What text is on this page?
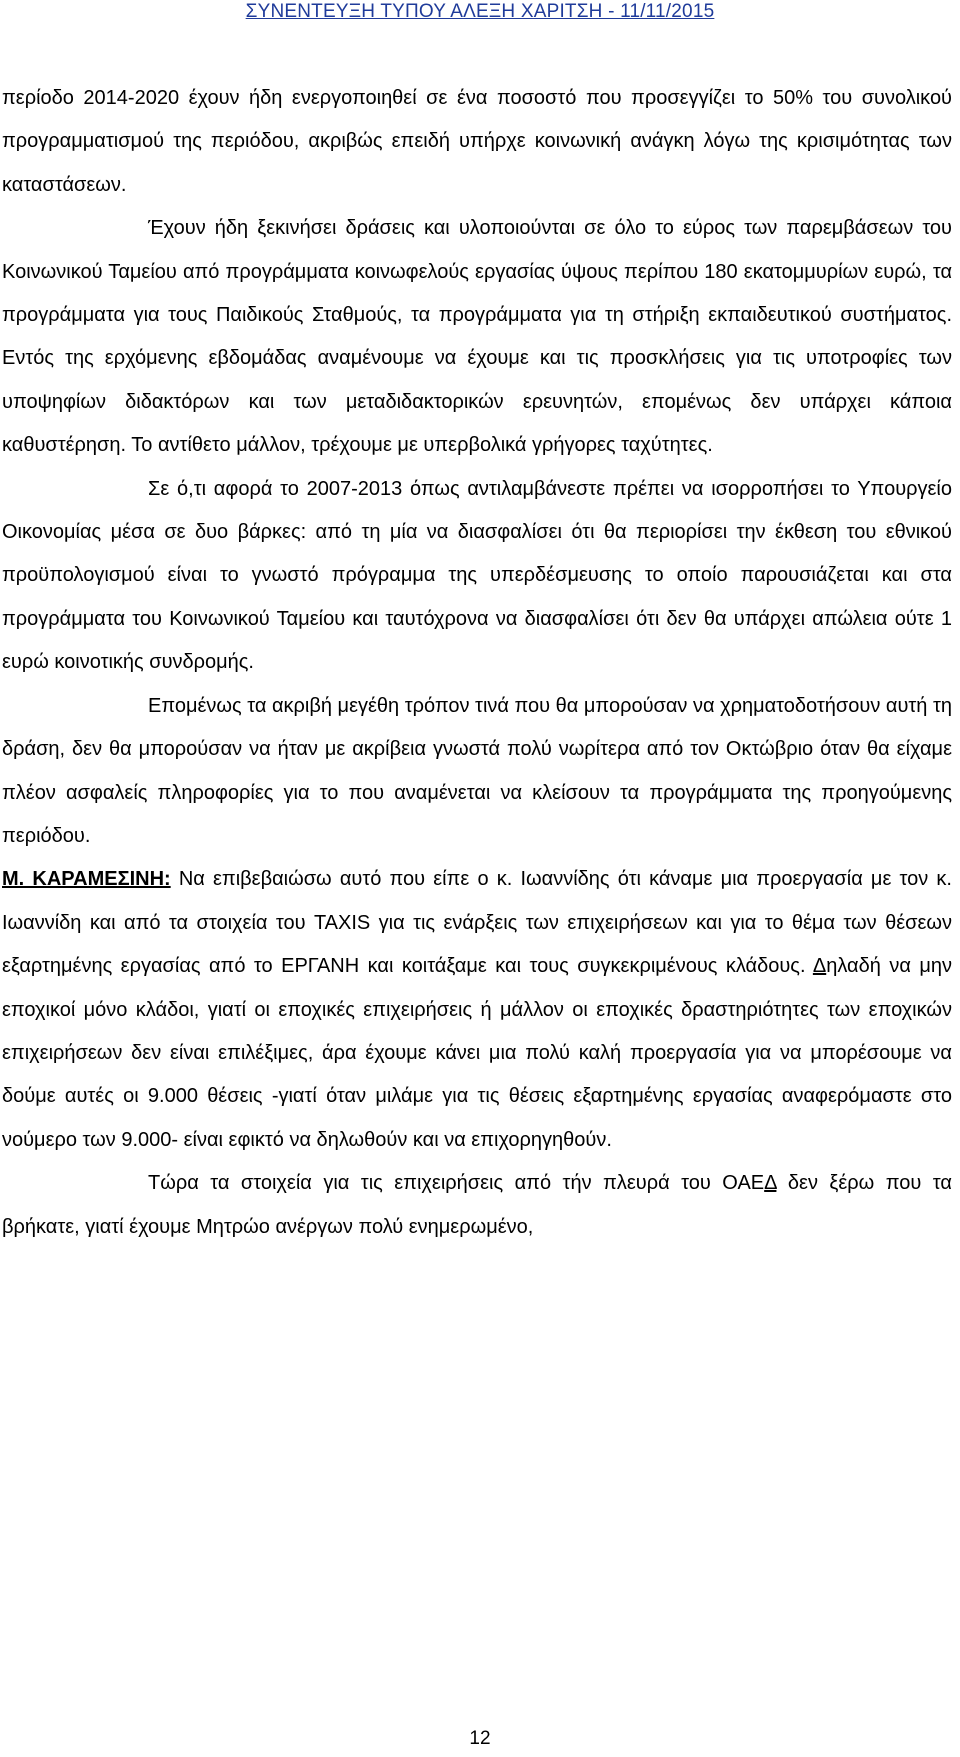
ΣΥΝΕΝΤΕΥΞΗ ΤΥΠΟΥ ΑΛΕΞΗ ΧΑΡΙΤΣΗ - 11/11/2015

περίοδο 2014-2020 έχουν ήδη ενεργοποιηθεί σε ένα ποσοστό που προσεγγίζει το 50% του συνολικού προγραμματισμού της περιόδου, ακριβώς επειδή υπήρχε κοινωνική ανάγκη λόγω της κρισιμότητας των καταστάσεων.

Έχουν ήδη ξεκινήσει δράσεις και υλοποιούνται σε όλο το εύρος των παρεμβάσεων του Κοινωνικού Ταμείου από προγράμματα κοινωφελούς εργασίας ύψους περίπου 180 εκατομμυρίων ευρώ, τα προγράμματα για τους Παιδικούς Σταθμούς, τα προγράμματα για τη στήριξη εκπαιδευτικού συστήματος. Εντός της ερχόμενης εβδομάδας αναμένουμε να έχουμε και τις προσκλήσεις για τις υποτροφίες των υποψηφίων διδακτόρων και των μεταδιδακτορικών ερευνητών, επομένως δεν υπάρχει κάποια καθυστέρηση. Το αντίθετο μάλλον, τρέχουμε με υπερβολικά γρήγορες ταχύτητες.

Σε ό,τι αφορά το 2007-2013 όπως αντιλαμβάνεστε πρέπει να ισορροπήσει το Υπουργείο Οικονομίας μέσα σε δυο βάρκες: από τη μία να διασφαλίσει ότι θα περιορίσει την έκθεση του εθνικού προϋπολογισμού είναι το γνωστό πρόγραμμα της υπερδέσμευσης το οποίο παρουσιάζεται και στα προγράμματα του Κοινωνικού Ταμείου και ταυτόχρονα να διασφαλίσει ότι δεν θα υπάρχει απώλεια ούτε 1 ευρώ κοινοτικής συνδρομής.

Επομένως τα ακριβή μεγέθη τρόπον τινά που θα μπορούσαν να χρηματοδοτήσουν αυτή τη δράση, δεν θα μπορούσαν να ήταν με ακρίβεια γνωστά πολύ νωρίτερα από τον Οκτώβριο όταν θα είχαμε πλέον ασφαλείς πληροφορίες για το που αναμένεται να κλείσουν τα προγράμματα της προηγούμενης περιόδου.

Μ. ΚΑΡΑΜΕΣΙΝΗ: Να επιβεβαιώσω αυτό που είπε ο κ. Ιωαννίδης ότι κάναμε μια προεργασία με τον κ. Ιωαννίδη και από τα στοιχεία του TAXIS για τις ενάρξεις των επιχειρήσεων και για το θέμα των θέσεων εξαρτημένης εργασίας από το ΕΡΓΑΝΗ και κοιτάξαμε και τους συγκεκριμένους κλάδους. Δηλαδή να μην εποχικοί μόνο κλάδοι, γιατί οι εποχικές επιχειρήσεις ή μάλλον οι εποχικές δραστηριότητες των εποχικών επιχειρήσεων δεν είναι επιλέξιμες, άρα έχουμε κάνει μια πολύ καλή προεργασία για να μπορέσουμε να δούμε αυτές οι 9.000 θέσεις -γιατί όταν μιλάμε για τις θέσεις εξαρτημένης εργασίας αναφερόμαστε στο νούμερο των 9.000- είναι εφικτό να δηλωθούν και να επιχορηγηθούν.

Τώρα τα στοιχεία για τις επιχειρήσεις από τήν πλευρά του ΟΑΕΔ δεν ξέρω που τα βρήκατε, γιατί έχουμε Μητρώο ανέργων πολύ ενημερωμένο,

12
